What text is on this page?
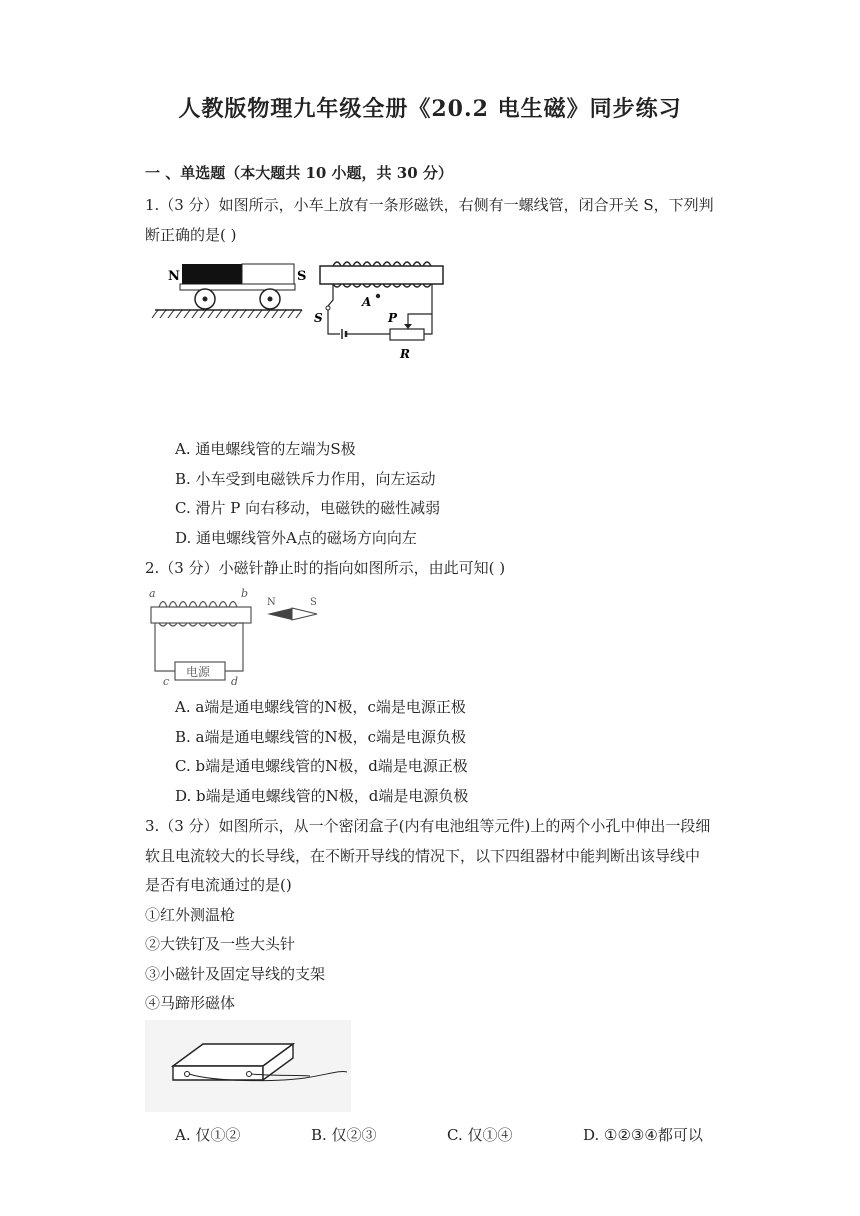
人教版物理九年级全册《20.2 电生磁》同步练习
一 、单选题（本大题共 10 小题，共 30 分）
1.（3 分）如图所示，小车上放有一条形磁铁，右侧有一螺线管，闭合开关 S，下列判
断正确的是( )
N	S
S	P
R
A
A. 通电螺线管的左端为S极
B. 小车受到电磁铁斥力作用，向左运动
C. 滑片 P 向右移动，电磁铁的磁性减弱
D. 通电螺线管外A点的磁场方向向左
2.（3 分）小磁针静止时的指向如图所示，由此可知( )
a	b
电源
c	d
N	S
A. a端是通电螺线管的N极，c端是电源正极
B. a端是通电螺线管的N极，c端是电源负极
C. b端是通电螺线管的N极，d端是电源正极
D. b端是通电螺线管的N极，d端是电源负极
3.（3 分）如图所示，从一个密闭盒子(内有电池组等元件)上的两个小孔中伸出一段细
软且电流较大的长导线，在不断开导线的情况下，以下四组器材中能判断出该导线中
是否有电流通过的是()
①红外测温枪
②大铁钉及一些大头针
③小磁针及固定导线的支架
④马蹄形磁体
A. 仅①②	B. 仅②③	C. 仅①④	D. ①②③④都可以
